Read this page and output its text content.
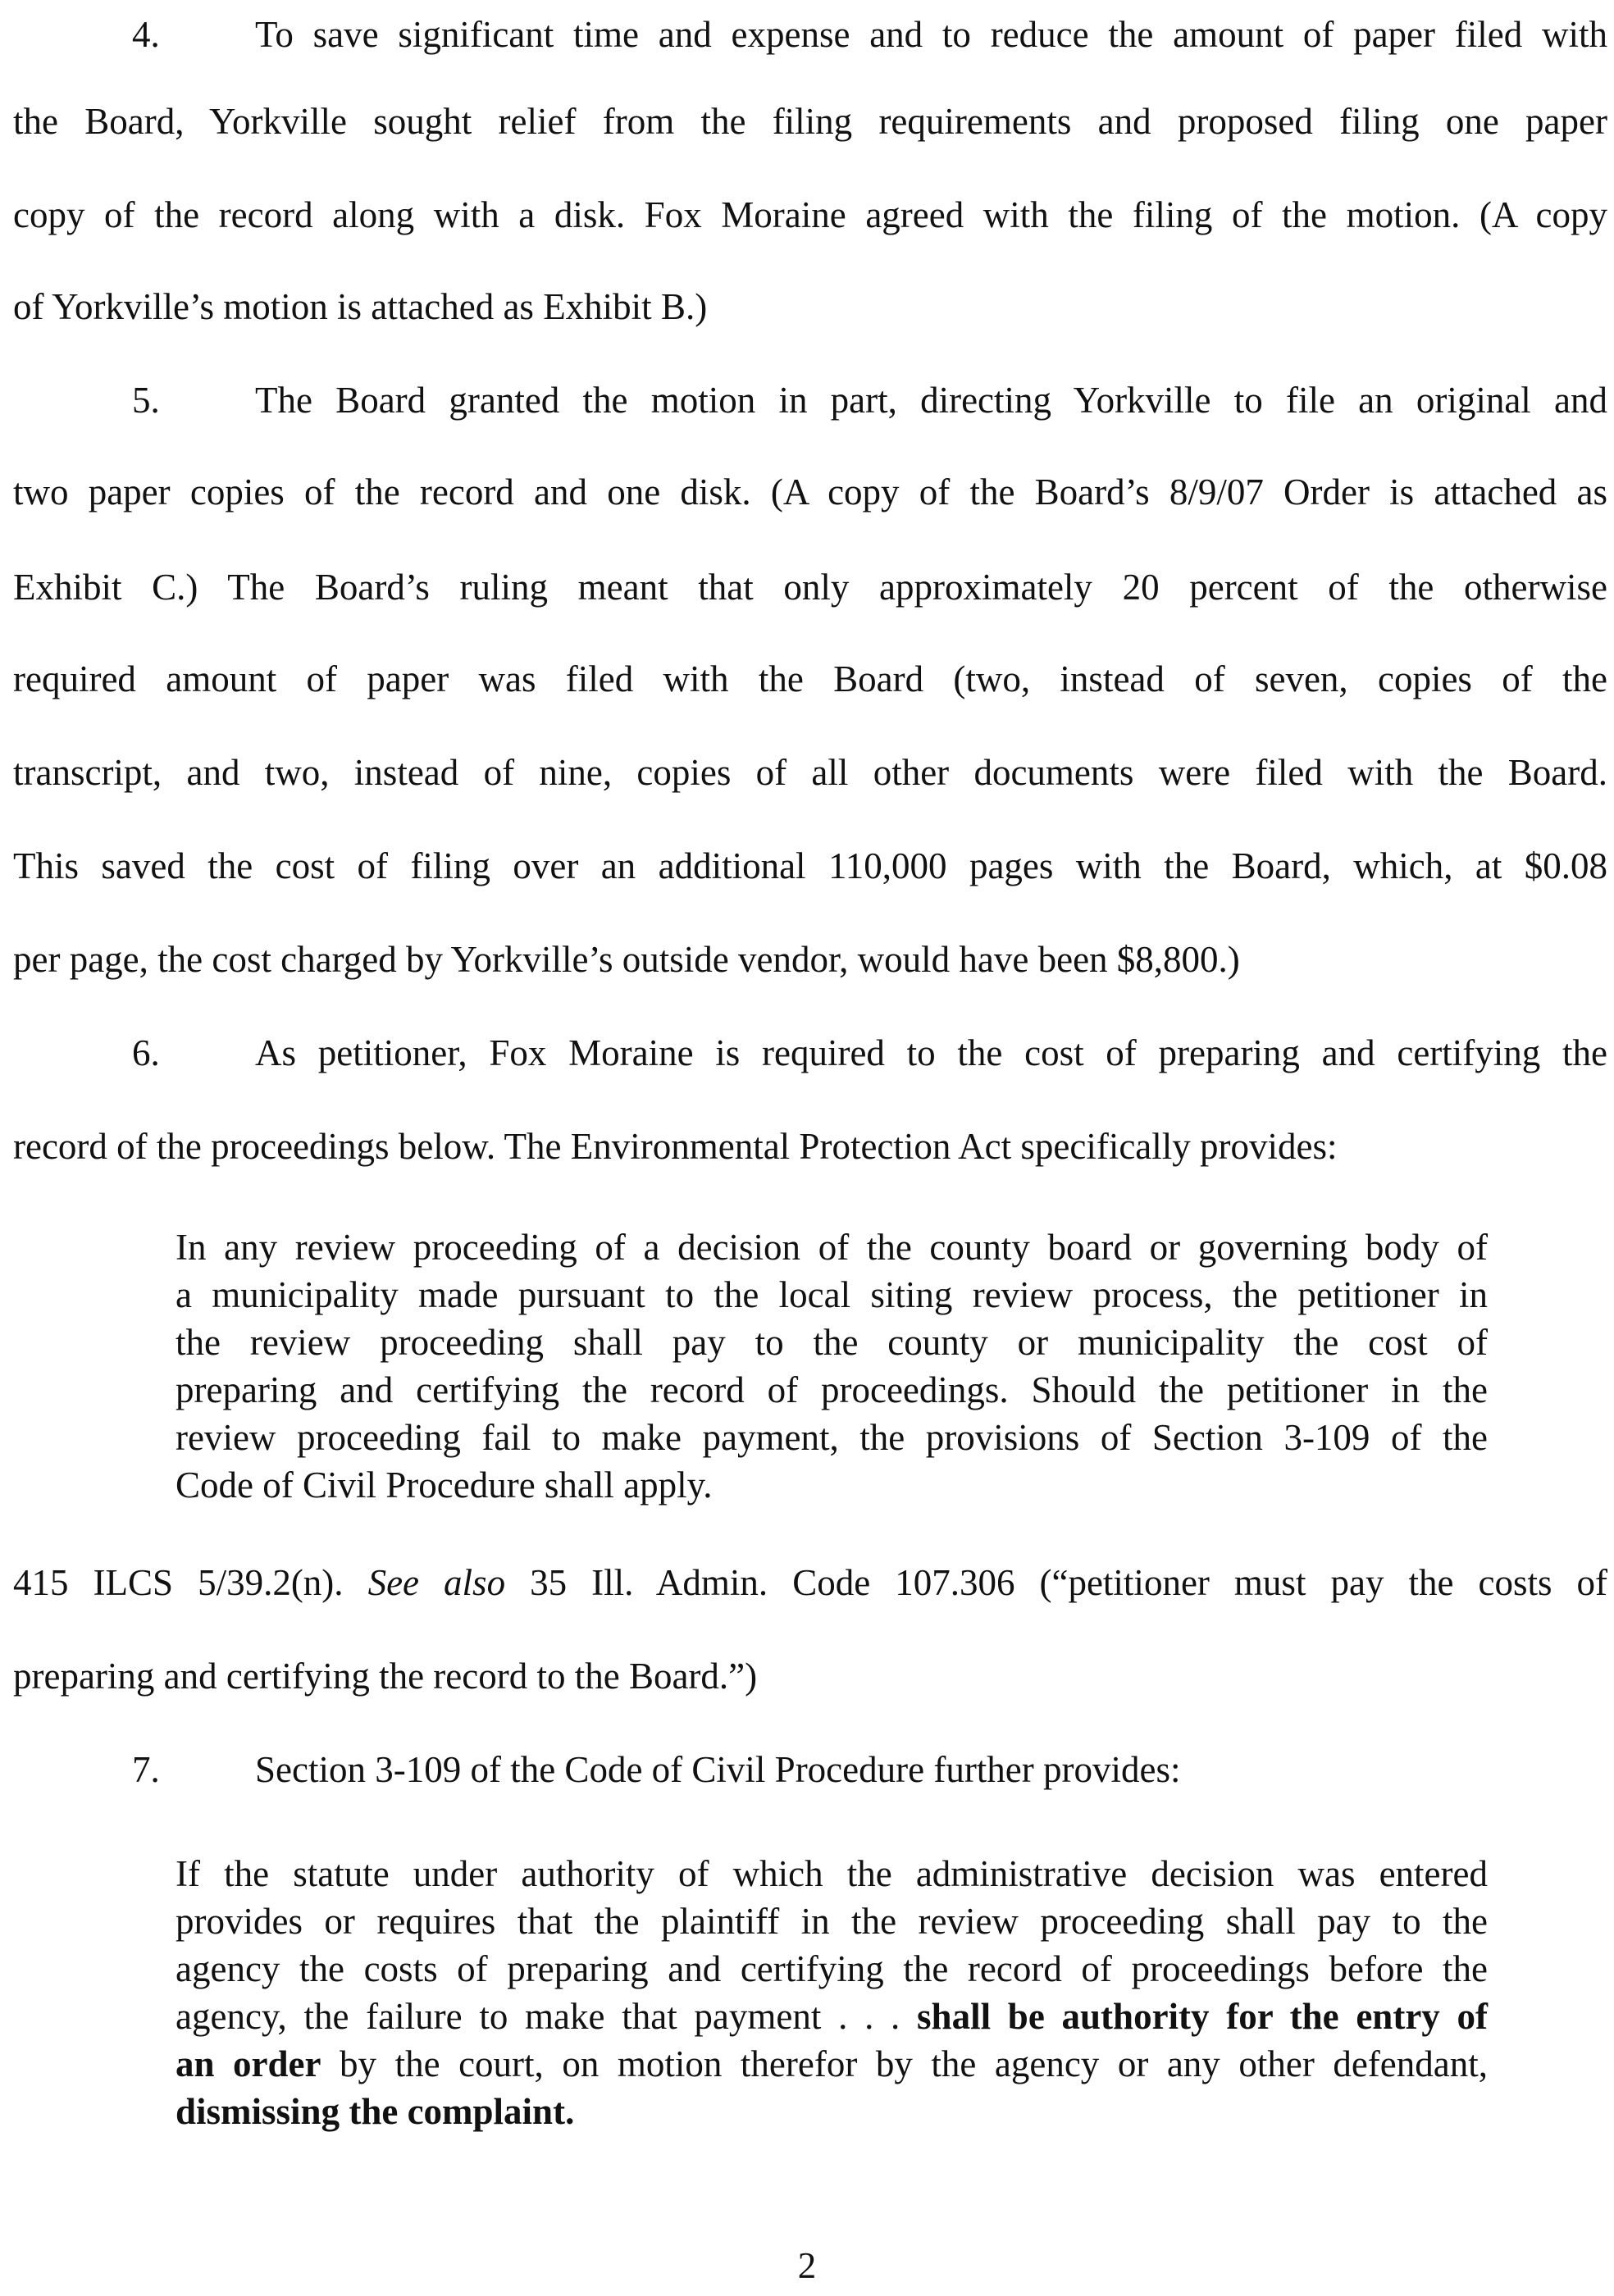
4.	To save significant time and expense and to reduce the amount of paper filed with
the Board, Yorkville sought relief from the filing requirements and proposed filing one paper
copy of the record along with a disk. Fox Moraine agreed with the filing of the motion. (A copy
of Yorkville’s motion is attached as Exhibit B.)
5.	The Board granted the motion in part, directing Yorkville to file an original and
two paper copies of the record and one disk. (A copy of the Board’s 8/9/07 Order is attached as
Exhibit C.) The Board’s ruling meant that only approximately 20 percent of the otherwise
required amount of paper was filed with the Board (two, instead of seven, copies of the
transcript, and two, instead of nine, copies of all other documents were filed with the Board.
This saved the cost of filing over an additional 110,000 pages with the Board, which, at $0.08
per page, the cost charged by Yorkville’s outside vendor, would have been $8,800.)
6.	As petitioner, Fox Moraine is required to the cost of preparing and certifying the
record of the proceedings below. The Environmental Protection Act specifically provides:
In any review proceeding of a decision of the county board or governing body of
a municipality made pursuant to the local siting review process, the petitioner in
the review proceeding shall pay to the county or municipality the cost of
preparing and certifying the record of proceedings. Should the petitioner in the
review proceeding fail to make payment, the provisions of Section 3-109 of the
Code of Civil Procedure shall apply.
415 ILCS 5/39.2(n). See also 35 Ill. Admin. Code 107.306 (“petitioner must pay the costs of
preparing and certifying the record to the Board.”)
7.	Section 3-109 of the Code of Civil Procedure further provides:
If the statute under authority of which the administrative decision was entered
provides or requires that the plaintiff in the review proceeding shall pay to the
agency the costs of preparing and certifying the record of proceedings before the
agency, the failure to make that payment . . . shall be authority for the entry of
an order by the court, on motion therefor by the agency or any other defendant,
dismissing the complaint.
2
